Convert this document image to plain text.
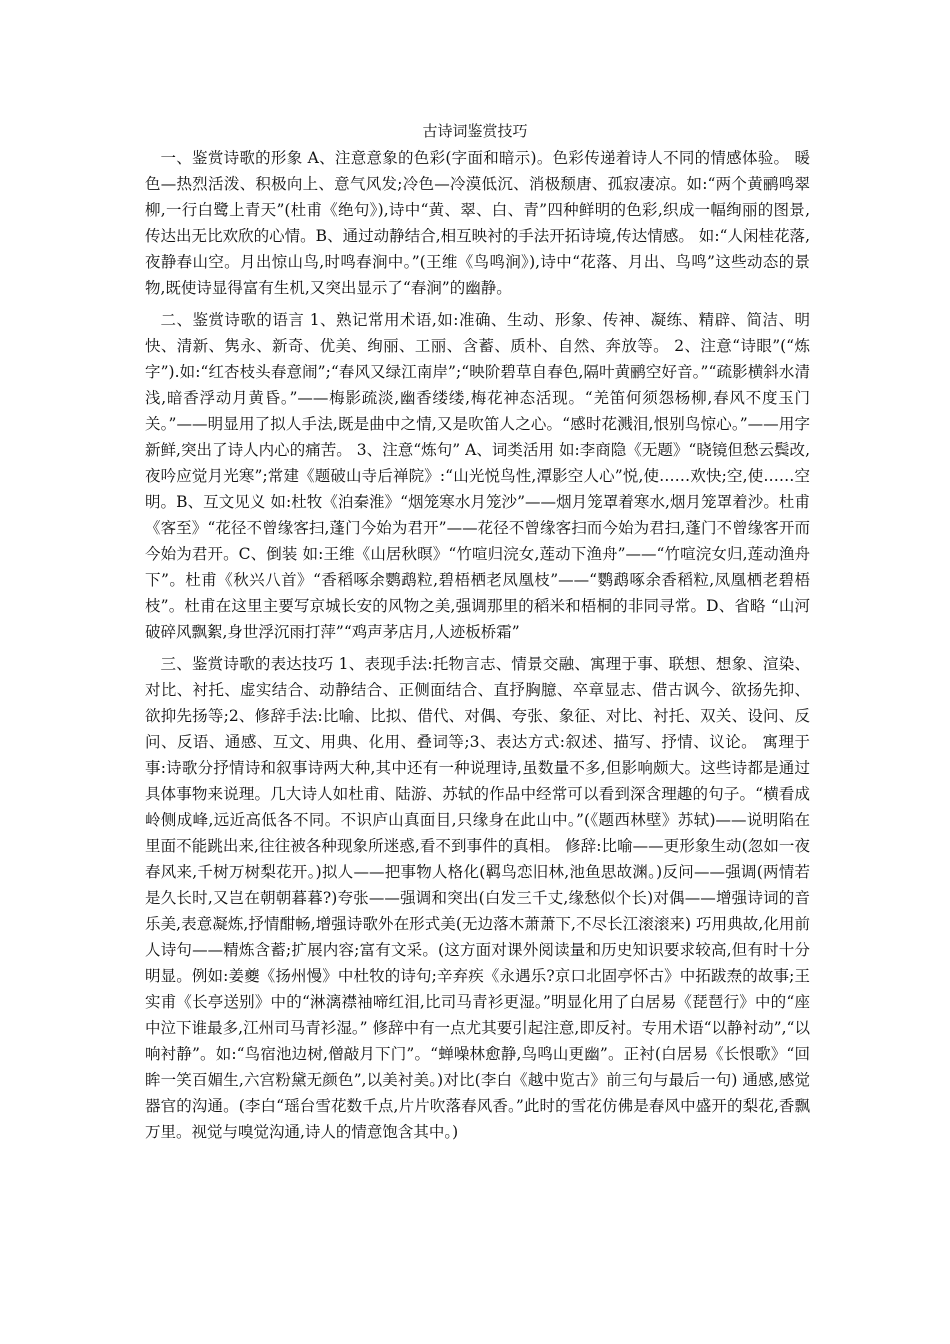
古诗词鉴赏技巧

一、鉴赏诗歌的形象 A、注意意象的色彩(字面和暗示)。色彩传递着诗人不同的情感体验。 暖色—热烈活泼、积极向上、意气风发;冷色—冷漠低沉、消极颓唐、孤寂凄凉。如:“两个黄鹂鸣翠柳,一行白鹭上青天”(杜甫《绝句》),诗中“黄、翠、白、青”四种鲜明的色彩,织成一幅绚丽的图景,传达出无比欢欣的心情。B、通过动静结合,相互映衬的手法开拓诗境,传达情感。 如:“人闲桂花落,夜静春山空。月出惊山鸟,时鸣春涧中。”(王维《鸟鸣涧》),诗中“花落、月出、鸟鸣”这些动态的景物,既使诗显得富有生机,又突出显示了“春涧”的幽静。

二、鉴赏诗歌的语言 1、熟记常用术语,如:准确、生动、形象、传神、凝练、精辟、简洁、明快、清新、隽永、新奇、优美、绚丽、工丽、含蓄、质朴、自然、奔放等。 2、注意“诗眼”(“炼字”).如:“红杏枝头春意闹”;“春风又绿江南岸”;“映阶碧草自春色,隔叶黄鹂空好音。”“疏影横斜水清浅,暗香浮动月黄昏。”——梅影疏淡,幽香缕缕,梅花神态活现。“羌笛何须怨杨柳,春风不度玉门关。”——明显用了拟人手法,既是曲中之情,又是吹笛人之心。“感时花溅泪,恨别鸟惊心。”——用字新鲜,突出了诗人内心的痛苦。 3、注意“炼句” A、词类活用 如:李商隐《无题》“晓镜但愁云鬓改,夜吟应觉月光寒”;常建《题破山寺后禅院》:“山光悦鸟性,潭影空人心”悦,使……欢快;空,使……空明。B、互文见义 如:杜牧《泊秦淮》“烟笼寒水月笼沙”——烟月笼罩着寒水,烟月笼罩着沙。杜甫《客至》“花径不曾缘客扫,蓬门今始为君开”——花径不曾缘客扫而今始为君扫,蓬门不曾缘客开而今始为君开。C、倒装 如:王维《山居秋暝》“竹喧归浣女,莲动下渔舟”——“竹喧浣女归,莲动渔舟下”。杜甫《秋兴八首》“香稻啄余鹦鹉粒,碧梧栖老凤凰枝”——“鹦鹉啄余香稻粒,凤凰栖老碧梧枝”。杜甫在这里主要写京城长安的风物之美,强调那里的稻米和梧桐的非同寻常。D、省略 “山河破碎风飘絮,身世浮沉雨打萍”“鸡声茅店月,人迹板桥霜”

三、鉴赏诗歌的表达技巧 1、表现手法:托物言志、情景交融、寓理于事、联想、想象、渲染、对比、衬托、虚实结合、动静结合、正侧面结合、直抒胸臆、卒章显志、借古讽今、欲扬先抑、欲抑先扬等;2、修辞手法:比喻、比拟、借代、对偶、夸张、象征、对比、衬托、双关、设问、反问、反语、通感、互文、用典、化用、叠词等;3、表达方式:叙述、描写、抒情、议论。 寓理于事:诗歌分抒情诗和叙事诗两大种,其中还有一种说理诗,虽数量不多,但影响颇大。这些诗都是通过具体事物来说理。几大诗人如杜甫、陆游、苏轼的作品中经常可以看到深含理趣的句子。“横看成岭侧成峰,远近高低各不同。不识庐山真面目,只缘身在此山中。”(《题西林壁》苏轼)——说明陷在里面不能跳出来,往往被各种现象所迷惑,看不到事件的真相。 修辞:比喻——更形象生动(忽如一夜春风来,千树万树梨花开。)拟人——把事物人格化(羁鸟恋旧林,池鱼思故渊。)反问——强调(两情若是久长时,又岂在朝朝暮暮?)夸张——强调和突出(白发三千丈,缘愁似个长)对偶——增强诗词的音乐美,表意凝炼,抒情酣畅,增强诗歌外在形式美(无边落木萧萧下,不尽长江滚滚来) 巧用典故,化用前人诗句——精炼含蓄;扩展内容;富有文采。(这方面对课外阅读量和历史知识要求较高,但有时十分明显。例如:姜夔《扬州慢》中杜牧的诗句;辛弃疾《永遇乐?京口北固亭怀古》中拓跋焘的故事;王实甫《长亭送别》中的“淋漓襟袖啼红泪,比司马青衫更湿。”明显化用了白居易《琵琶行》中的“座中泣下谁最多,江州司马青衫湿。” 修辞中有一点尤其要引起注意,即反衬。专用术语“以静衬动”,“以响衬静”。如:“鸟宿池边树,僧敲月下门”。“蝉噪林愈静,鸟鸣山更幽”。正衬(白居易《长恨歌》“回眸一笑百媚生,六宫粉黛无颜色”,以美衬美。)对比(李白《越中览古》前三句与最后一句) 通感,感觉器官的沟通。(李白“瑶台雪花数千点,片片吹落春风香。”此时的雪花仿佛是春风中盛开的梨花,香飘万里。视觉与嗅觉沟通,诗人的情意饱含其中。)
